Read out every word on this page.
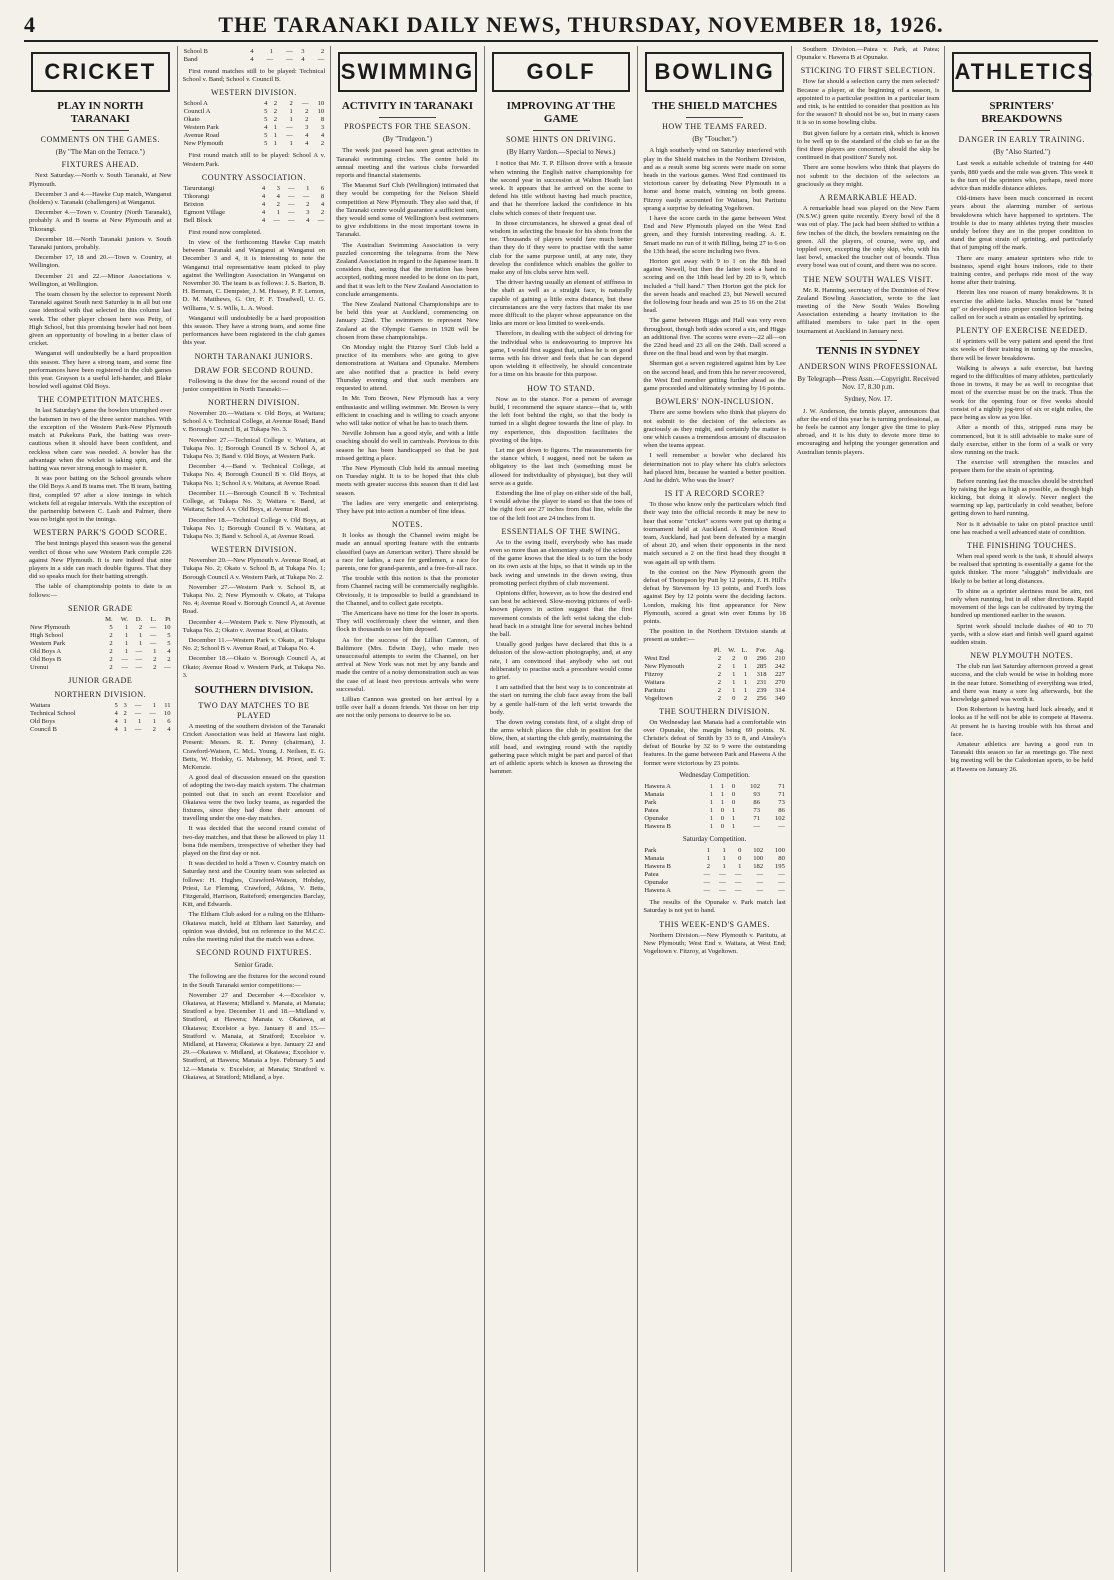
4	THE TARANAKI DAILY NEWS, THURSDAY, NOVEMBER 18, 1926.
CRICKET
PLAY IN NORTH TARANAKI
COMMENTS ON THE GAMES.
(By "The Man on the Terrace.")
FIXTURES AHEAD.

Next Saturday.—North v. South Taranaki, at New Plymouth.

December 3 and 4.—Hawke Cup match, Wanganui (holders) v. Taranaki (challengers) at Wanganui.

December 4.—Town v. Country (North Taranaki), probably A and B teams at New Plymouth and at Tikorangi.

December 18.—North Taranaki juniors v. South Taranaki juniors, probably.

December 17, 18 and 20.—Town v. Country, at Wellington.

December 21 and 22.—Minor Associations v. Wellington, at Wellington.

The team chosen by the selector to represent North Taranaki against South next Saturday is in all but one case identical with that selected in this column last week. The other player chosen here was Petty, of High School, but this promising bowler had not been given an opportunity of bowling in a better class of cricket.

Wanganui will undoubtedly be a hard proposition this season. They have a strong team, and some fine performances have been registered in the club games this year. Grayson is a useful left-hander, and Blake bowled well against Old Boys.

THE COMPETITION MATCHES.

In last Saturday's game the bowlers triumphed over the batsmen in two of the three senior matches. With the exception of the Western Park-New Plymouth match at Pukekura Park, the batting was over-cautious when it should have been confident, and reckless when care was needed. A bowler has the advantage when the wicket is taking spin, and the batting was never strong enough to master it.

It was poor batting on the School grounds where the Old Boys A and B teams met. The B team, batting first, compiled 97 after a slow innings in which wickets fell at regular intervals. With the exception of the partnership between C. Lash and Palmer, there was no bright spot in the innings.

WESTERN PARK'S GOOD SCORE.

The best innings played this season was the general verdict of those who saw Western Park compile 226 against New Plymouth. It is rare indeed that nine players in a side can reach double figures. That they did so speaks much for their batting strength.

The table of championship points to date is as follows:—

SENIOR GRADE
	M.	W.	D.	L.	Pt
New Plymouth	5	1	2	—	10
High School	2	1	1	—	5
Western Park	2	1	1	—	5
Old Boys A	2	1	—	1	4
Old Boys B	2	—	—	2	2
Urenui	2	—	—	2	—
JUNIOR GRADE
NORTHERN DIVISION.
Waitara	5	3	—	1	11
Technical School	4	2	—	—	10
Old Boys	4	1	1	1	6
Council B	4	1	—	2	4
School B	4	1	—	3	2
Band	4	—	—	4	—

First round matches still to be played: Technical School v. Band; School v. Council B.

WESTERN DIVISION.
School A	4	2	2	—	10
Council A	5	2	1	2	10
Okato	5	2	1	2	8
Western Park	4	1	—	3	3
Avenue Road	5	1	—	4	4
New Plymouth	5	1	1	4	2

First round match still to be played: School A v. Western Park.

COUNTRY ASSOCIATION.
Tarurutangi	4	3	—	1	6
Tikorangi	4	4	—	—	8
Brixton	4	2	—	2	4
Egmont Village	4	1	—	3	2
Bell Block	4	—	—	4	—

First round now completed.

In view of the forthcoming Hawke Cup match between Taranaki and Wanganui at Wanganui on December 3 and 4, it is interesting to note the Wanganui trial representative team picked to play against the Wellington Association in Wanganui on November 30. The team is as follows: J. S. Barton, B. H. Berman, C. Dempster, J. M. Hussey, P. F. Lemon, D. M. Matthews, G. Orr, F. F. Treadwell, U. G. Williams, V. S. Wills, L. A. Wood.

Wanganui will undoubtedly be a hard proposition this season. They have a strong team, and some fine performances have been registered in the club games this year.

NORTH TARANAKI JUNIORS.
DRAW FOR SECOND ROUND.

Following is the draw for the second round of the junior competition in North Taranaki:—

NORTHERN DIVISION.

November 20.—Waitara v. Old Boys, at Waitara; School A v. Technical College, at Avenue Road; Band v. Borough Council B, at Tukapa No. 3.

November 27.—Technical College v. Waitara, at Tukapa No. 1; Borough Council B v. School A, at Tukapa No. 3; Band v. Old Boys, at Western Park.

December 4.—Band v. Technical College, at Tukapa No. 4; Borough Council B v. Old Boys, at Tukapa No. 1; School A v. Waitara, at Avenue Road.

December 11.—Borough Council B v. Technical College, at Tukapa No. 3; Waitara v. Band, at Waitara; School A v. Old Boys, at Avenue Road.

December 18.—Technical College v. Old Boys, at Tukapa No. 1; Borough Council B v. Waitara, at Tukapa No. 3; Band v. School A, at Avenue Road.

WESTERN DIVISION.

November 20.—New Plymouth v. Avenue Road, at Tukapa No. 2; Okato v. School B, at Tukapa No. 1; Borough Council A v. Western Park, at Tukapa No. 2.

November 27.—Western Park v. School B, at Tukapa No. 2; New Plymouth v. Okato, at Tukapa No. 4; Avenue Road v. Borough Council A, at Avenue Road.

December 4.—Western Park v. New Plymouth, at Tukapa No. 2; Okato v. Avenue Road, at Okato.

December 11.—Western Park v. Okato, at Tukapa No. 2; School B v. Avenue Road, at Tukapa No. 4.

December 18.—Okato v. Borough Council A, at Okato; Avenue Road v. Western Park, at Tukapa No. 3.

SOUTHERN DIVISION.
TWO DAY MATCHES TO BE PLAYED

A meeting of the southern division of the Taranaki Cricket Association was held at Hawera last night. Present: Messrs. R. E. Penny (chairman), J. Crawford-Watson, C. McL. Young, J. Neilsen, E. G. Betts, W. Hodsky, G. Mahoney, M. Priest, and T. McKenzie.

A good deal of discussion ensued on the question of adopting the two-day match system. The chairman pointed out that in such an event Excelsior and Okaiawa were the two lucky teams, as regarded the fixtures, since they had done their amount of travelling under the one-day matches.

It was decided that the second round consist of two-day matches, and that these be allowed to play 11 bona fide members, irrespective of whether they had played on the first day or not.

It was decided to hold a Town v. Country match on Saturday next and the Country team was selected as follows: H. Hughes, Crawford-Watson, Hobday, Priest, Le Fleming, Crawford, Atkins, V. Betts, Fitzgerald, Harrison, Raiteford; emergencies Barclay, Kitt, and Edwards.

The Eltham Club asked for a ruling on the Eltham-Okaiawa match, held at Eltham last Saturday, and opinion was divided, but on reference to the M.C.C. rules the meeting ruled that the match was a draw.

SECOND ROUND FIXTURES.
Senior Grade.

The following are the fixtures for the second round in the South Taranaki senior competitions:—

November 27 and December 4.—Excelsior v. Okaiawa, at Hawera; Midland v. Manaia, at Manaia; Stratford a bye. December 11 and 18.—Midland v. Stratford, at Hawera; Manaia v. Okaiawa, at Okaiawa; Excelsior a bye. January 8 and 15.—Stratford v. Manaia, at Stratford; Excelsior v. Midland, at Hawera; Okaiawa a bye. January 22 and 29.—Okaiawa v. Midland, at Okaiawa; Excelsior v. Stratford, at Hawera; Manaia a bye. February 5 and 12.—Manaia v. Excelsior, at Manaia; Stratford v. Okaiawa, at Stratford; Midland, a bye.

SWIMMING
ACTIVITY IN TARANAKI
PROSPECTS FOR THE SEASON.
(By "Trudgeon.")

The week just passed has seen great activities in Taranaki swimming circles. The centre held its annual meeting and the various clubs forwarded reports and financial statements.

The Maranui Surf Club (Wellington) intimated that they would be competing for the Nelson Shield competition at New Plymouth. They also said that, if the Taranaki centre would guarantee a sufficient sum, they would send some of Wellington's best swimmers to give exhibitions in the most important towns in Taranaki.

The Australian Swimming Association is very puzzled concerning the telegrams from the New Zealand Association in regard to the Japanese team. It considers that, seeing that the invitation has been accepted, nothing more needed to be done on its part, and that it was left to the New Zealand Association to conclude arrangements.

The New Zealand National Championships are to be held this year at Auckland, commencing on January 22nd. The swimmers to represent New Zealand at the Olympic Games in 1928 will be chosen from these championships.

On Monday night the Fitzroy Surf Club held a practice of its members who are going to give demonstrations at Waitara and Opunake. Members are also notified that a practice is held every Thursday evening and that such members are requested to attend.

In Mr. Tom Brown, New Plymouth has a very enthusiastic and willing swimmer. Mr. Brown is very efficient in coaching and is willing to coach anyone who will take notice of what he has to teach them.

Neville Johnson has a good style, and with a little coaching should do well in carnivals. Previous to this season he has been handicapped so that he just missed getting a place.

The New Plymouth Club held its annual meeting on Tuesday night. It is to be hoped that this club meets with greater success this season than it did last season.

The ladies are very energetic and enterprising. They have put into action a number of fine ideas.

NOTES.

It looks as though the Channel swim might be made an annual sporting feature with the entrants classified (says an American writer). There should be a race for ladies, a race for gentlemen, a race for parents, one for grand-parents, and a free-for-all race.

The trouble with this notion is that the promoter from Channel racing will be commercially negligible. Obviously, it is impossible to build a grandstand in the Channel, and to collect gate receipts.

The Americans have no time for the loser in sports. They will vociferously cheer the winner, and then flock in thousands to see him deposed.

As for the success of the Lillian Cannon, of Baltimore (Mrs. Edwin Day), who made two unsuccessful attempts to swim the Channel, on her arrival at New York was not met by any bands and made the centre of a noisy demonstration such as was the case of at least two previous arrivals who were successful.

Lillian Cannon was greeted on her arrival by a trifle over half a dozen friends. Yet those on her trip are not the only persons to deserve to be so.

GOLF
IMPROVING AT THE GAME
SOME HINTS ON DRIVING.
(By Harry Vardon.—Special to News.)

I notice that Mr. T. P. Ellison drove with a brassie when winning the English native championship for the second year in succession at Walton Heath last week. It appears that he arrived on the scene to defend his title without having had much practice, and that he therefore lacked the confidence in his clubs which comes of their frequent use.

In those circumstances, he showed a great deal of wisdom in selecting the brassie for his shots from the tee. Thousands of players would fare much better than they do if they were to practise with the same club for the same purpose until, at any rate, they develop the confidence which enables the golfer to make any of his clubs serve him well.

The driver having usually an element of stiffness in the shaft as well as a straight face, is naturally capable of gaining a little extra distance, but these circumstances are the very factors that make its use more difficult to the player whose appearance on the links are more or less limited to week-ends.

Therefore, in dealing with the subject of driving for the individual who is endeavouring to improve his game, I would first suggest that, unless he is on good terms with his driver and feels that he can depend upon wielding it effectively, he should concentrate for a time on his brassie for this purpose.

HOW TO STAND.

Now as to the stance. For a person of average build, I recommend the square stance—that is, with the left foot behind the right, so that the body is turned in a slight degree towards the line of play. In my experience, this disposition facilitates the pivoting of the hips.

Let me get down to figures. The measurements for the stance which, I suggest, need not be taken as obligatory to the last inch (something must be allowed for individuality of physique), but they will serve as a guide.

Extending the line of play on either side of the ball, I would advise the player to stand so that the toes of the right foot are 27 inches from that line, while the toe of the left foot are 24 inches from it.

ESSENTIALS OF THE SWING.

As to the swing itself, everybody who has made even so more than an elementary study of the science of the game knows that the ideal is to turn the body on its own axis at the hips, so that it winds up in the back swing and unwinds in the down swing, thus promoting perfect rhythm of club movement.

Opinions differ, however, as to how the desired end can best be achieved. Slow-moving pictures of well-known players in action suggest that the first movement consists of the left wrist taking the club-head back in a straight line for several inches behind the ball.

Usually good judges have declared that this is a delusion of the slow-action photography, and, at any rate, I am convinced that anybody who set out deliberately to practise such a procedure would come to grief.

I am satisfied that the best way is to concentrate at the start on turning the club face away from the ball by a gentle half-turn of the left wrist towards the body.

The down swing consists first, of a slight drop of the arms which places the club in position for the blow, then, at starting the club gently, maintaining the still head, and swinging round with the rapidly gathering pace which might be part and parcel of that art of athletic sports which is known as throwing the hammer.

BOWLING
THE SHIELD MATCHES
HOW THE TEAMS FARED.
(By "Toucher.")

A high southerly wind on Saturday interfered with play in the Shield matches in the Northern Division, and as a result some big scores were made on some heads in the various games. West End continued its victorious career by defeating New Plymouth in a home and home match, winning on both greens. Fitzroy easily accounted for Waitara, but Paritutu sprang a surprise by defeating Vogeltown.

I have the score cards in the game between West End and New Plymouth played on the West End green, and they furnish interesting reading. A. E. Smart made no run of it with Billing, being 27 to 6 on the 13th head, the score including two fives.

Horton got away with 9 to 1 on the 8th head against Newell, but then the latter took a hand in scoring and on the 18th head led by 20 to 9, which included a "full hand." Then Horton got the pick for the seven heads and reached 23, but Newell secured the following four heads and was 25 to 16 on the 21st head.

The game between Higgs and Hall was very even throughout, though both sides scored a six, and Higgs an additional five. The scores were even—22 all—on the 22nd head and 23 all on the 24th. Dall scored a three on the final head and won by that margin.

Sherman got a seven registered against him by Lee on the second head, and from this he never recovered, the West End member getting further ahead as the game proceeded and ultimately winning by 16 points.

BOWLERS' NON-INCLUSION.

There are some bowlers who think that players do not submit to the decision of the selectors as graciously as they might, and certainly the matter is one which causes a tremendous amount of discussion when the teams appear.

I well remember a bowler who declared his determination not to play where his club's selectors had placed him, because he wanted a better position. And he didn't. Who was the loser?

IS IT A RECORD SCORE?

To those who know only the particulars which find their way into the official records it may be new to hear that some "cricket" scores were put up during a tournament held at Auckland. A Dominion Road team, Auckland, had just been defeated by a margin of about 20, and when their opponents in the next match secured a 2 on the first head they thought it was again all up with them.

In the contest on the New Plymouth green the defeat of Thompson by Putt by 12 points, J. H. Hill's defeat by Stevenson by 13 points, and Ford's loss against Bey by 12 points were the deciding factors. London, making his first appearance for New Plymouth, scored a great win over Emms by 18 points.

The position in the Northern Division stands at present as under:—

	Pl.	W.	L.	For.	Ag.
West End	2	2	0	296	210
New Plymouth	2	1	1	285	242
Fitzroy	2	1	1	318	227
Waitara	2	1	1	231	270
Paritutu	2	1	1	239	314
Vogeltown	2	0	2	256	349
THE SOUTHERN DIVISION.

On Wednesday last Manaia had a comfortable win over Opunake, the margin being 69 points. N. Christie's defeat of Smith by 33 to 8, and Ainsley's defeat of Bourke by 32 to 9 were the outstanding features. In the game between Park and Hawera A the former were victorious by 23 points.

Wednesday Competition.
Hawera A	1	1	0	102	71
Manaia	1	1	0	93	71
Park	1	1	0	86	73
Patea	1	0	1	73	86
Opunake	1	0	1	71	102
Hawera B	1	0	1	—	—
Saturday Competition.
Park	1	1	0	102	100
Manaia	1	1	0	100	80
Hawera B	2	1	1	182	195
Patea	—	—	—	—	—
Opunake	—	—	—	—	—
Hawera A	—	—	—	—	—

The results of the Opunake v. Park match last Saturday is not yet to hand.

THIS WEEK-END'S GAMES.

Northern Division.—New Plymouth v. Paritutu, at New Plymouth; West End v. Waitara, at West End; Vogeltown v. Fitzroy, at Vogeltown.

Southern Division.—Patea v. Park, at Patea; Opunake v. Hawera B at Opunake.

STICKING TO FIRST SELECTION.

How far should a selection carry the men selected? Because a player, at the beginning of a season, is appointed to a particular position in a particular team and rink, is he entitled to consider that position as his for the season? It should not be so, but in many cases it is so in some bowling clubs.

But given failure by a certain rink, which is known to be well up to the standard of the club so far as the first three players are concerned, should the skip be continued in that position? Surely not.

There are some bowlers who think that players do not submit to the decision of the selectors as graciously as they might.

A REMARKABLE HEAD.

A remarkable head was played on the New Farm (N.S.W.) green quite recently. Every bowl of the 8 was out of play. The jack had been shifted to within a few inches of the ditch, the bowlers remaining on the green. All the players, of course, were up, and toppled over, excepting the only skip, who, with his last bowl, smacked the toucher out of bounds. Thus every bowl was out of count, and there was no score.

THE NEW SOUTH WALES VISIT.

Mr. R. Hanning, secretary of the Dominion of New Zealand Bowling Association, wrote to the last meeting of the New South Wales Bowling Association extending a hearty invitation to the affiliated members to take part in the open tournament at Auckland in January next.

TENNIS IN SYDNEY
ANDERSON WINS PROFESSIONAL
By Telegraph—Press Assn.—Copyright. Received Nov. 17, 8.30 p.m.
Sydney, Nov. 17.

J. W. Anderson, the tennis player, announces that after the end of this year he is turning professional, as he feels he cannot any longer give the time to play abroad, and it is his duty to devote more time to encouraging and helping the younger generation and Australian tennis players.

ATHLETICS
SPRINTERS' BREAKDOWNS
DANGER IN EARLY TRAINING.
(By "Also Started.")

Last week a suitable schedule of training for 440 yards, 880 yards and the mile was given. This week it is the turn of the sprinters who, perhaps, need more advice than middle distance athletes.

Old-timers have been much concerned in recent years about the alarming number of serious breakdowns which have happened to sprinters. The trouble is due to many athletes trying their muscles unduly before they are in the proper condition to stand the great strain of sprinting, and particularly that of jumping off the mark.

There are many amateur sprinters who ride to business, spend eight hours indoors, ride to their training centre, and perhaps ride most of the way home after their training.

Herein lies one reason of many breakdowns. It is exercise the athlete lacks. Muscles must be "tuned up" or developed into proper condition before being called on for such a strain as entailed by sprinting.

PLENTY OF EXERCISE NEEDED.

If sprinters will be very patient and spend the first six weeks of their training in tuning up the muscles, there will be fewer breakdowns.

Walking is always a safe exercise, but having regard to the difficulties of many athletes, particularly those in towns, it may be as well to recognise that most of the exercise must be on the track. Thus the work for the opening four or five weeks should consist of a nightly jog-trot of six or eight miles, the pace being as slow as you like.

After a month of this, stripped runs may be commenced, but it is still advisable to make sure of daily exercise, either in the form of a walk or very slow running on the track.

The exercise will strengthen the muscles and prepare them for the strain of sprinting.

Before running fast the muscles should be stretched by raising the legs as high as possible, as though high kicking, but doing it slowly. Never neglect the warming up lap, particularly in cold weather, before getting down to hard running.

Nor is it advisable to take on pistol practice until one has reached a well advanced state of condition.

THE FINISHING TOUCHES.

When real speed work is the task, it should always be realised that sprinting is essentially a game for the quick thinker. The more "sluggish" individuals are likely to be better at long distances.

To shine as a sprinter alertness must be aim, not only when running, but in all other directions. Rapid movement of the legs can be cultivated by trying the hundred up mentioned earlier in the season.

Sprint work should include dashes of 40 to 70 yards, with a slow start and finish well guard against sudden strain.

NEW PLYMOUTH NOTES.

The club run last Saturday afternoon proved a great success, and the club would be wise in holding more in the near future. Something of everything was tried, and there was many a sore leg afterwards, but the knowledge gained was worth it.

Don Robertson is having hard luck already, and it looks as if he will not be able to compete at Hawera. At present he is having trouble with his throat and face.

Amateur athletics are having a good run in Taranaki this season so far as meetings go. The next big meeting will be the Caledonian sports, to be held at Hawera on January 26.
